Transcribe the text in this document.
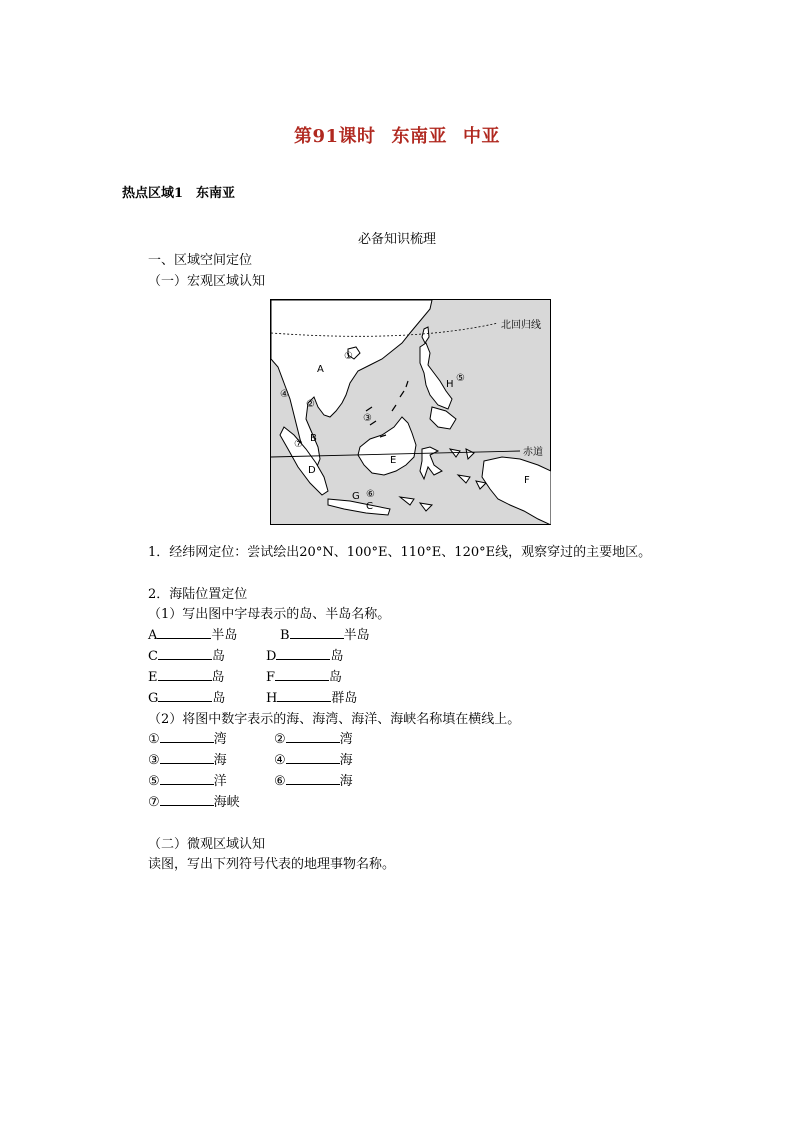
第91课时 东南亚 中亚
热点区域1　东南亚
必备知识梳理
一、区域空间定位
（一）宏观区域认知
北回归线
赤道
A
B
C
D
E
F
G
H
①
②
③
④
⑤
⑥
⑦
1．经纬网定位：尝试绘出20°N、100°E、110°E、120°E线，观察穿过的主要地区。
2．海陆位置定位
（1）写出图中字母表示的岛、半岛名称。
A	半岛	B	半岛
C	岛	D	岛
E	岛	F	岛
G	岛	H	群岛
（2）将图中数字表示的海、海湾、海洋、海峡名称填在横线上。
①	湾	②	湾
③	海	④	海
⑤	洋	⑥	海
⑦	海峡
（二）微观区域认知
读图，写出下列符号代表的地理事物名称。
